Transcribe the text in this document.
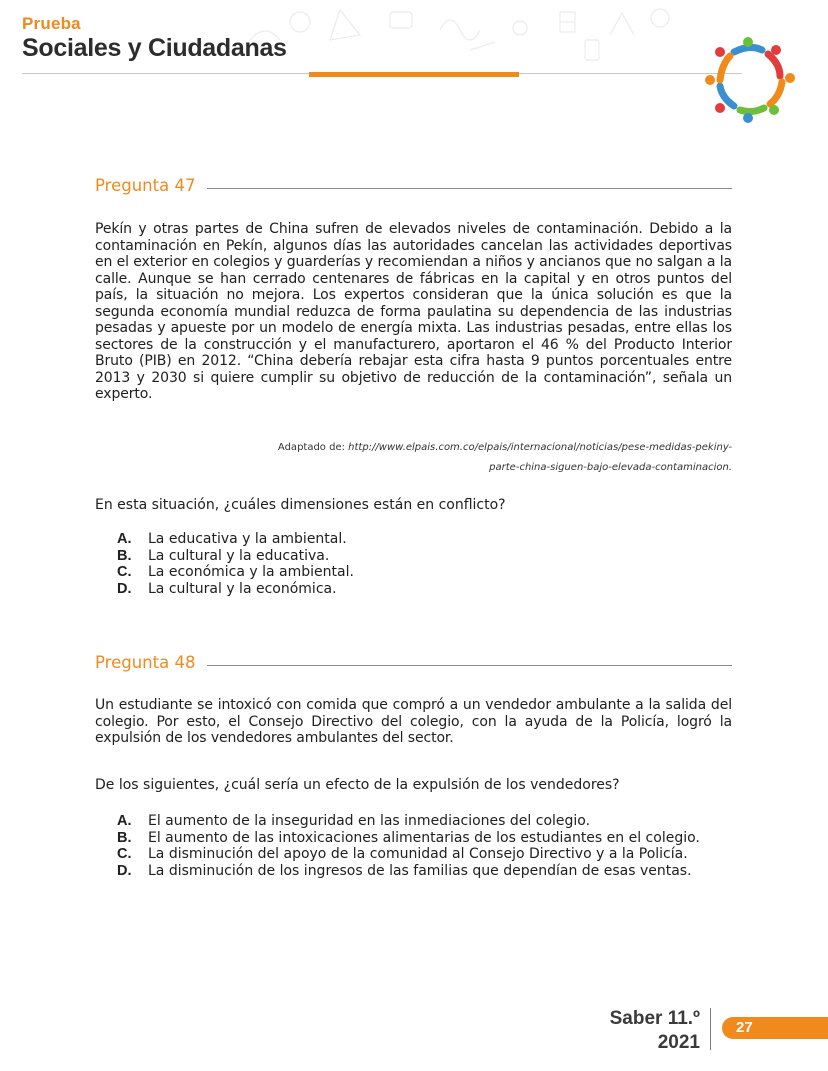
Prueba
Sociales y Ciudadanas
Pregunta 47
Pekín y otras partes de China sufren de elevados niveles de contaminación. Debido a la contaminación en Pekín, algunos días las autoridades cancelan las actividades deportivas en el exterior en colegios y guarderías y recomiendan a niños y ancianos que no salgan a la calle. Aunque se han cerrado centenares de fábricas en la capital y en otros puntos del país, la situación no mejora. Los expertos consideran que la única solución es que la segunda economía mundial reduzca de forma paulatina su dependencia de las industrias pesadas y apueste por un modelo de energía mixta. Las industrias pesadas, entre ellas los sectores de la construcción y el manufacturero, aportaron el 46 % del Producto Interior Bruto (PIB) en 2012. “China debería rebajar esta cifra hasta 9 puntos porcentuales entre 2013 y 2030 si quiere cumplir su objetivo de reducción de la contaminación”, señala un experto.
Adaptado de: http://www.elpais.com.co/elpais/internacional/noticias/pese-medidas-pekiny-parte-china-siguen-bajo-elevada-contaminacion.
En esta situación, ¿cuáles dimensiones están en conflicto?
A.	La educativa y la ambiental.
B.	La cultural y la educativa.
C.	La económica y la ambiental.
D.	La cultural y la económica.
Pregunta 48
Un estudiante se intoxicó con comida que compró a un vendedor ambulante a la salida del colegio. Por esto, el Consejo Directivo del colegio, con la ayuda de la Policía, logró la expulsión de los vendedores ambulantes del sector.
De los siguientes, ¿cuál sería un efecto de la expulsión de los vendedores?
A.	El aumento de la inseguridad en las inmediaciones del colegio.
B.	El aumento de las intoxicaciones alimentarias de los estudiantes en el colegio.
C.	La disminución del apoyo de la comunidad al Consejo Directivo y a la Policía.
D.	La disminución de los ingresos de las familias que dependían de esas ventas.
Saber 11.º
2021
27
